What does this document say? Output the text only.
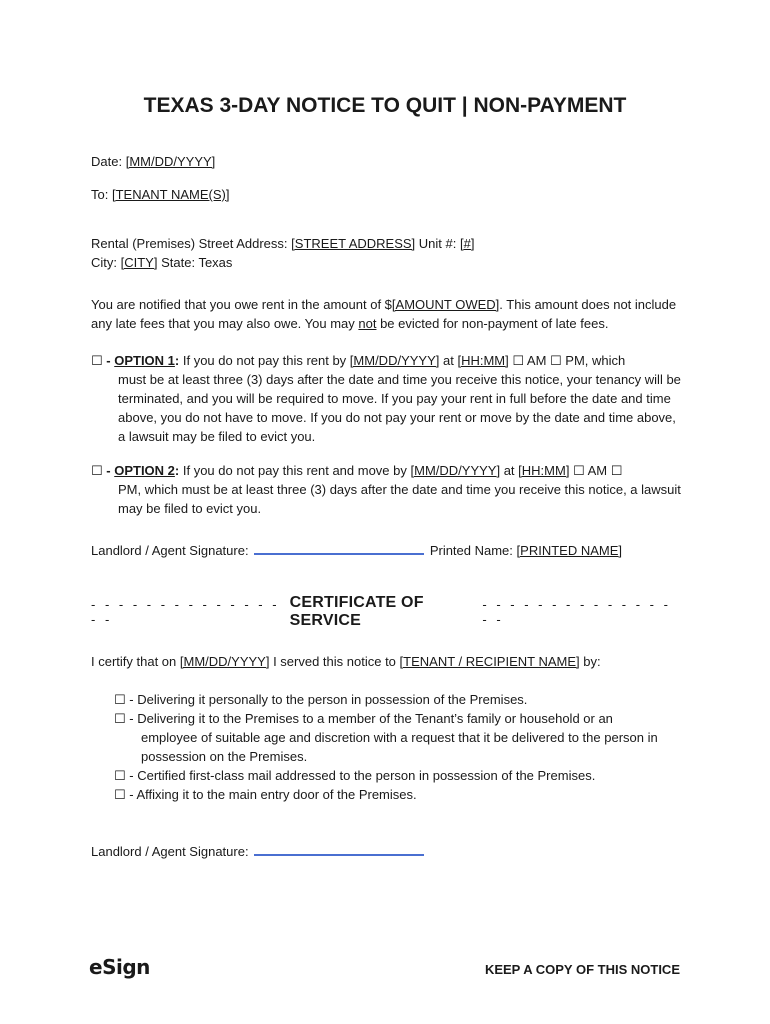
TEXAS 3-DAY NOTICE TO QUIT | NON-PAYMENT
Date: [MM/DD/YYYY]
To: [TENANT NAME(S)]
Rental (Premises) Street Address: [STREET ADDRESS] Unit #: [#]
City: [CITY] State: Texas
You are notified that you owe rent in the amount of $[AMOUNT OWED]. This amount does not include any late fees that you may also owe. You may not be evicted for non-payment of late fees.
☐ - OPTION 1: If you do not pay this rent by [MM/DD/YYYY] at [HH:MM] ☐ AM ☐ PM, which
must be at least three (3) days after the date and time you receive this notice, your tenancy will be terminated, and you will be required to move. If you pay your rent in full before the date and time above, you do not have to move. If you do not pay your rent or move by the date and time above, a lawsuit may be filed to evict you.
☐ - OPTION 2: If you do not pay this rent and move by [MM/DD/YYYY] at [HH:MM] ☐ AM ☐
PM, which must be at least three (3) days after the date and time you receive this notice, a lawsuit may be filed to evict you.
Landlord / Agent Signature:	Printed Name: [PRINTED NAME]
- - - - - - - - - - - - - - - -
CERTIFICATE OF SERVICE
- - - - - - - - - - - - - - - -
I certify that on [MM/DD/YYYY] I served this notice to [TENANT / RECIPIENT NAME] by:
☐ - Delivering it personally to the person in possession of the Premises.
☐ - Delivering it to the Premises to a member of the Tenant’s family or household or an
employee of suitable age and discretion with a request that it be delivered to the person in possession on the Premises.
☐ - Certified first-class mail addressed to the person in possession of the Premises.
☐ - Affixing it to the main entry door of the Premises.
Landlord / Agent Signature:
eSign	KEEP A COPY OF THIS NOTICE
